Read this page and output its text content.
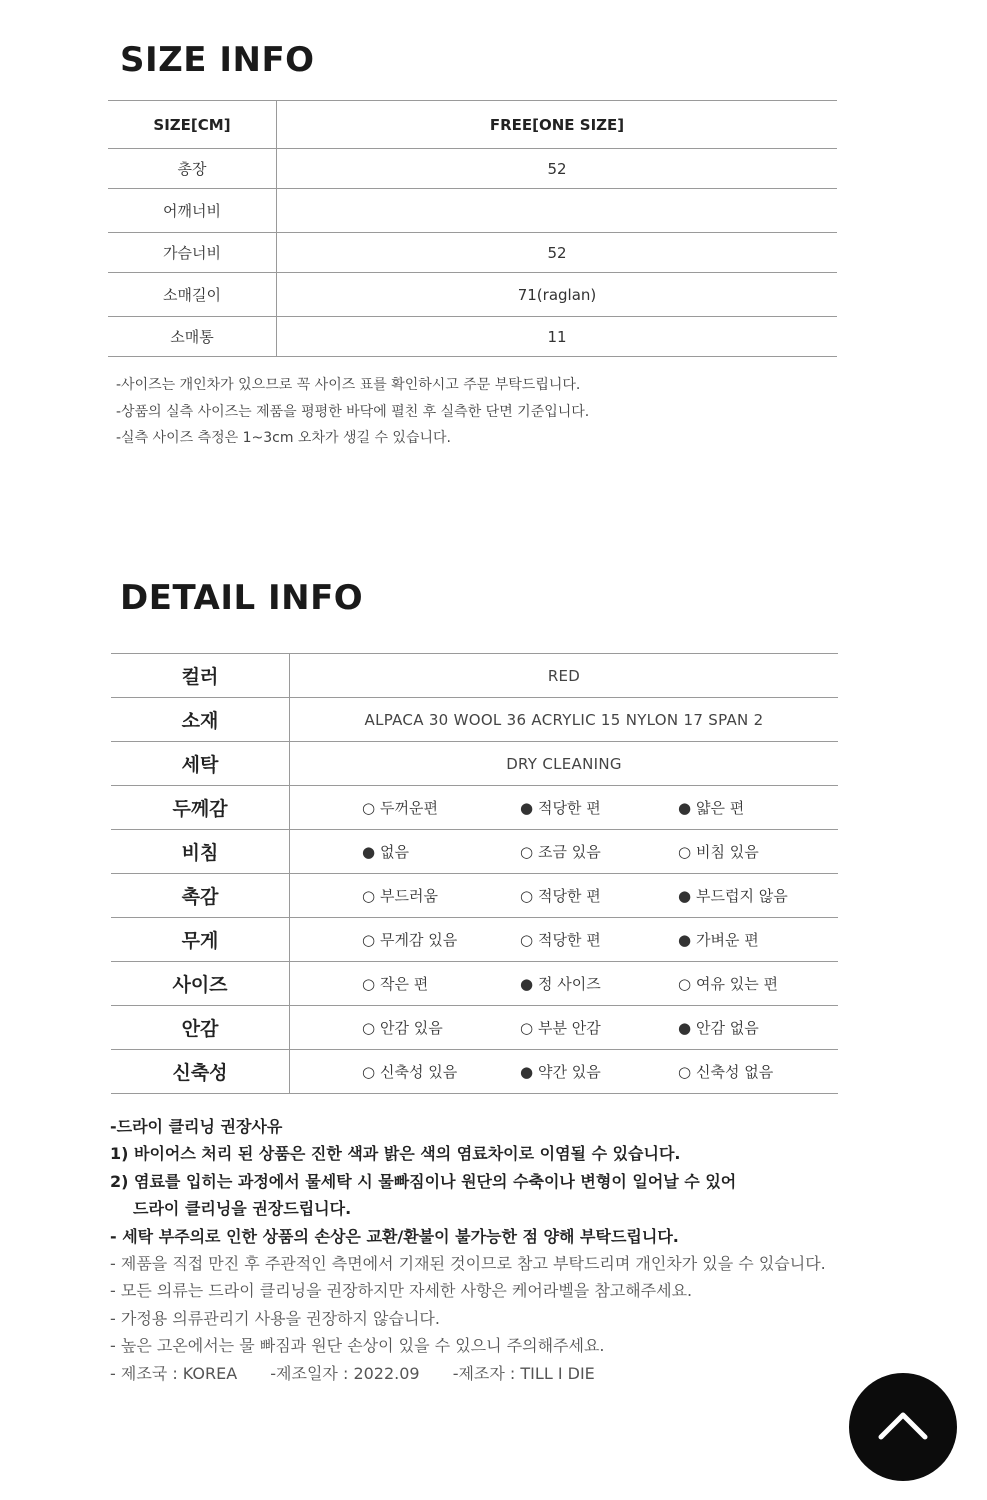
SIZE INFO
SIZE[CM]	FREE[ONE SIZE]
총장	52
어깨너비	
가슴너비	52
소매길이	71(raglan)
소매통	11
-사이즈는 개인차가 있으므로 꼭 사이즈 표를 확인하시고 주문 부탁드립니다.
-상품의 실측 사이즈는 제품을 평평한 바닥에 펼친 후 실측한 단면 기준입니다.
-실측 사이즈 측정은 1~3cm 오차가 생길 수 있습니다.
DETAIL INFO
컬러	RED
소재	ALPACA 30 WOOL 36 ACRYLIC 15 NYLON 17 SPAN 2
세탁	DRY CLEANING
두께감	○ 두꺼운편 ● 적당한 편 ● 얇은 편

비침	● 없음 ○ 조금 있음 ○ 비침 있음

촉감	○ 부드러움 ○ 적당한 편 ● 부드럽지 않음

무게	○ 무게감 있음 ○ 적당한 편 ● 가벼운 편

사이즈	○ 작은 편 ● 정 사이즈 ○ 여유 있는 편

안감	○ 안감 있음 ○ 부분 안감 ● 안감 없음

신축성	○ 신축성 있음 ● 약간 있음 ○ 신축성 없음
-드라이 클리닝 권장사유
1) 바이어스 처리 된 상품은 진한 색과 밝은 색의 염료차이로 이염될 수 있습니다.
2) 염료를 입히는 과정에서 물세탁 시 물빠짐이나 원단의 수축이나 변형이 일어날 수 있어
드라이 클리닝을 권장드립니다.
- 세탁 부주의로 인한 상품의 손상은 교환/환불이 불가능한 점 양해 부탁드립니다.
- 제품을 직접 만진 후 주관적인 측면에서 기재된 것이므로 참고 부탁드리며 개인차가 있을 수 있습니다.
- 모든 의류는 드라이 클리닝을 권장하지만 자세한 사항은 케어라벨을 참고해주세요.
- 가정용 의류관리기 사용을 권장하지 않습니다.
- 높은 고온에서는 물 빠짐과 원단 손상이 있을 수 있으니 주의해주세요.
- 제조국 : KOREA -제조일자 : 2022.09 -제조자 : TILL I DIE
